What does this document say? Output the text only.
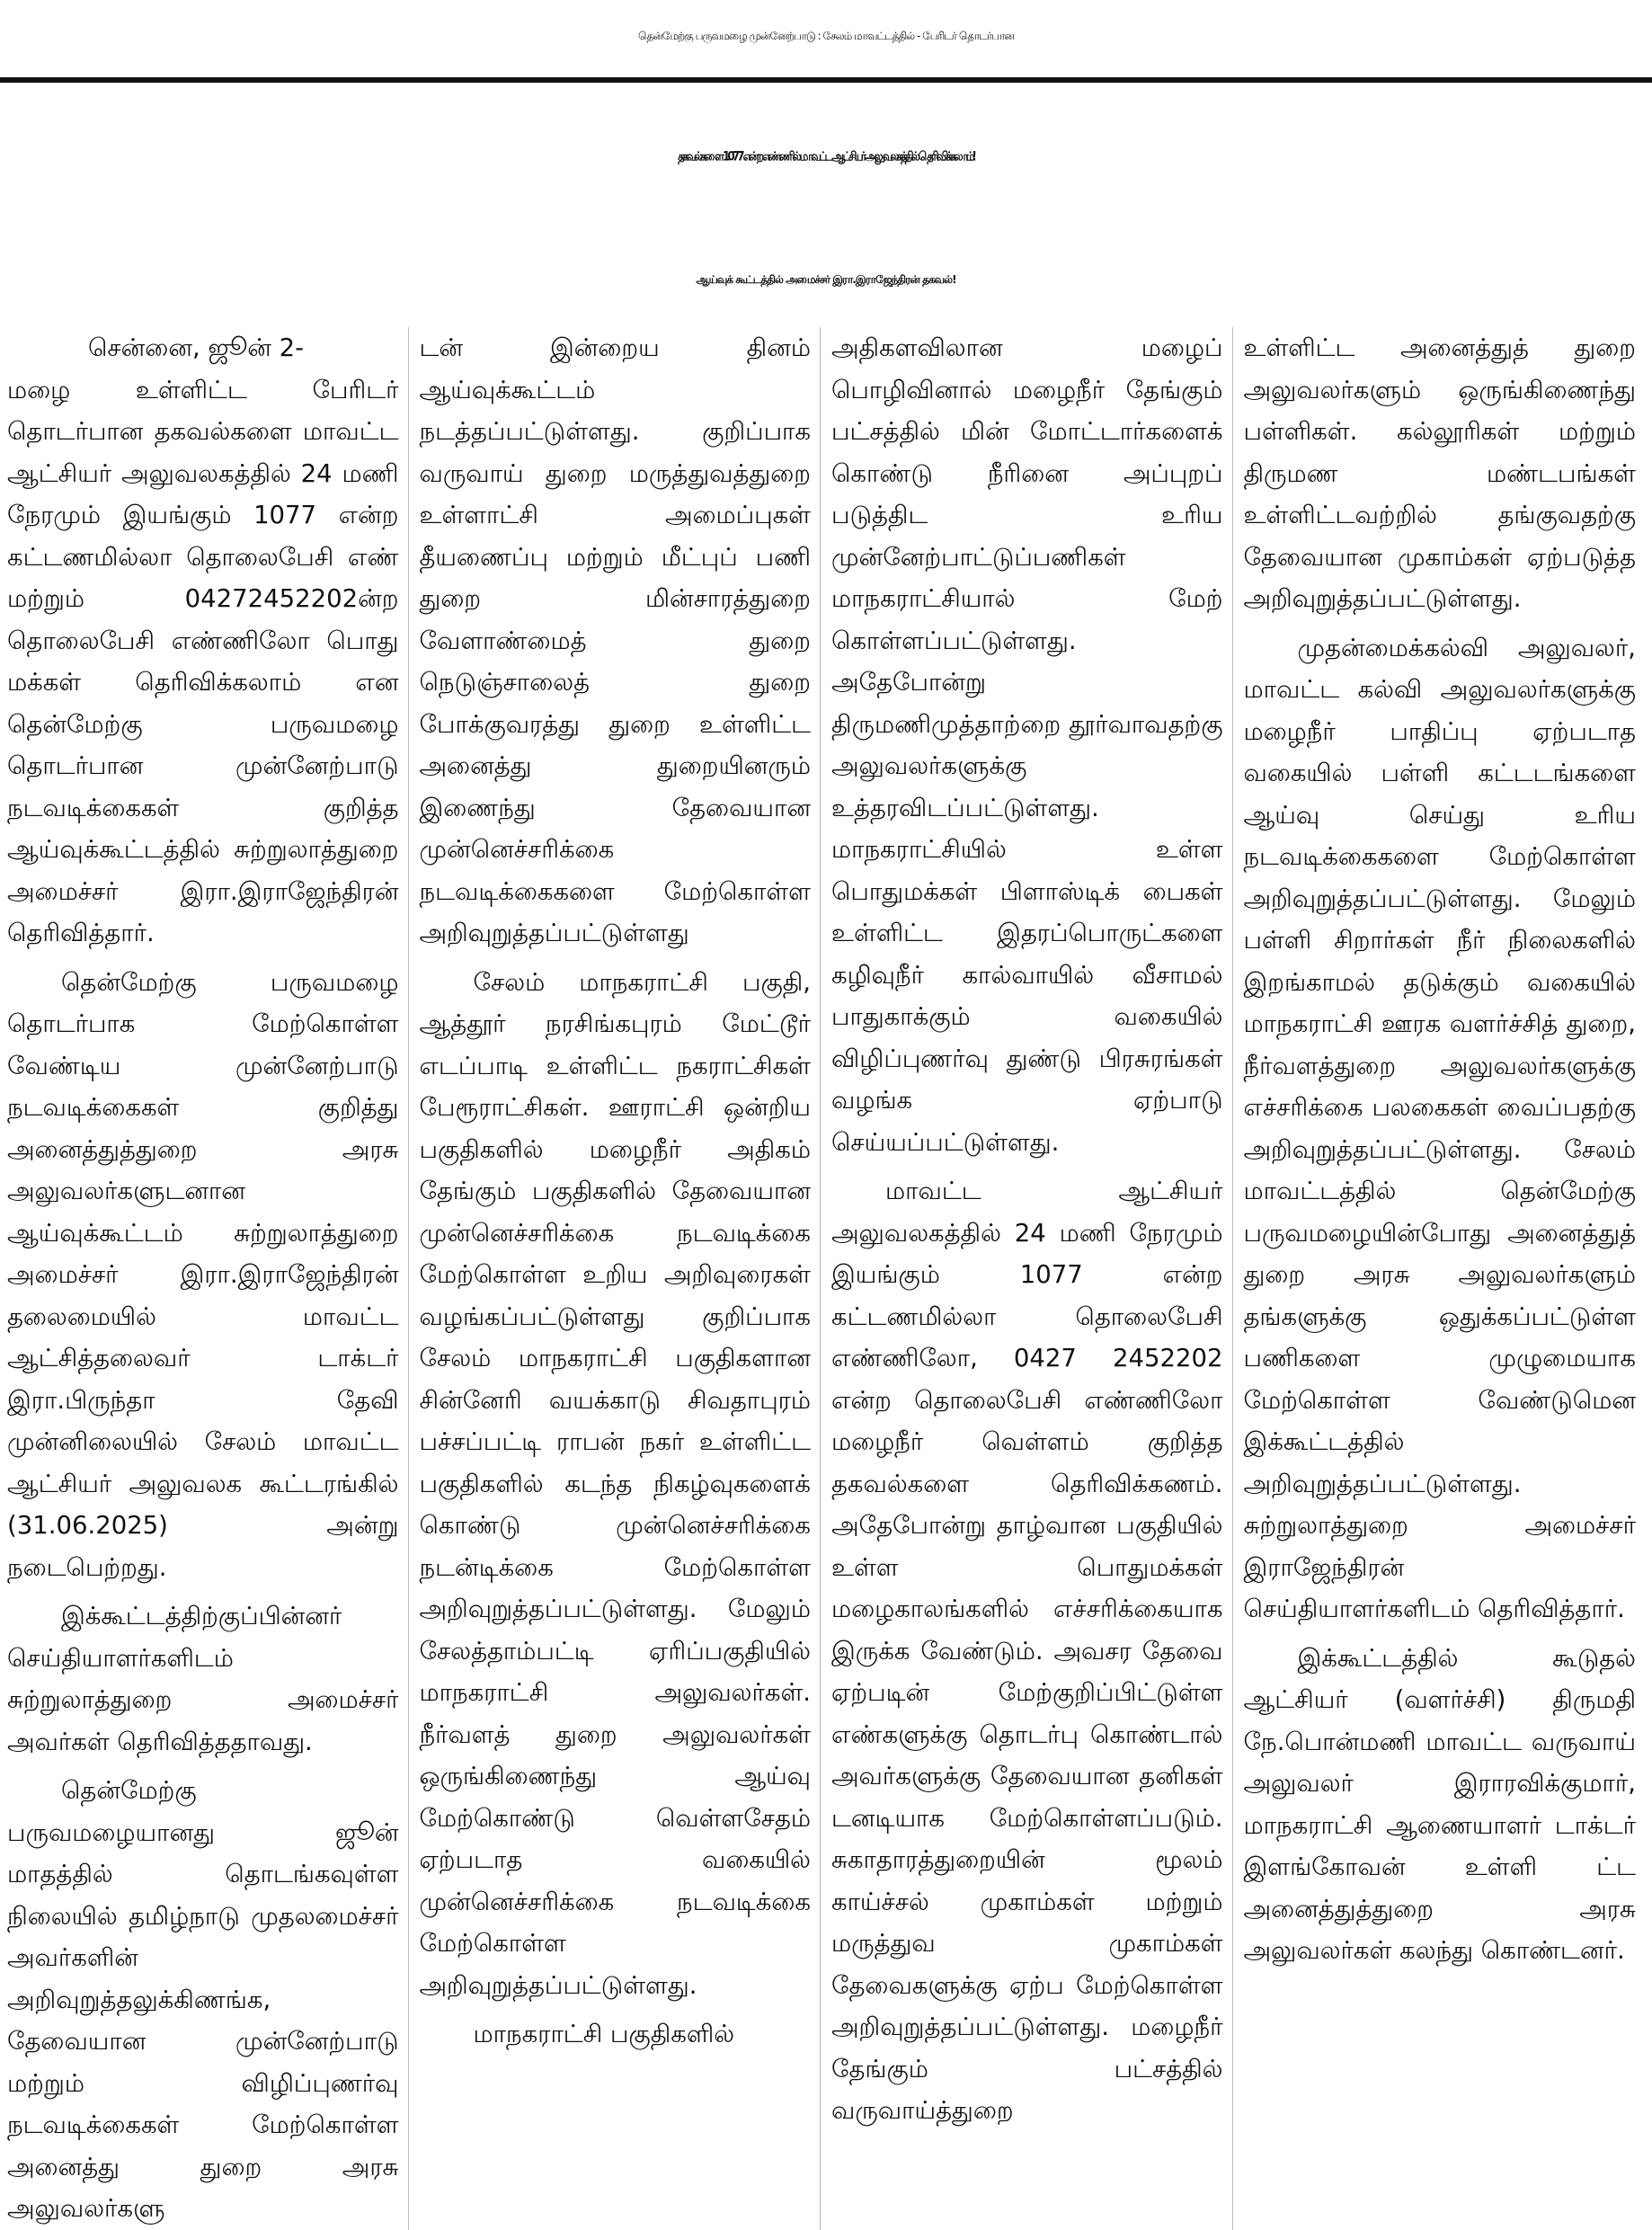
தென்மேற்கு பருவமழை முன்னேற்பாடு : சேலம் மாவட்டத்தில் - பேரிடர் தொடர்பான
தகவல்களை 1077 என்ற எண்ணில் மாவட்ட ஆட்சியர் அலுவலகத்தில் தெரிவிக்கலாம்!
ஆய்வுக் கூட்டத்தில் அமைச்சர் இரா.இராஜேந்திரன் தகவல்!

சென்னை, ஜூன் 2-

மழை உள்ளிட்ட பேரிடர் தொடர்பான தகவல்களை மாவட்ட ஆட்சியர் அலுவலகத்தில் 24 மணி நேரமும் இயங்கும் 1077 என்ற கட்டணமில்லா தொலைபேசி எண் மற்றும் 04272452202ன்ற தொலைபேசி எண்ணிலோ பொது மக்கள் தெரிவிக்கலாம் என தென்மேற்கு பருவமழை தொடர்பான முன்னேற்பாடு நடவடிக்கைகள் குறித்த ஆய்வுக்கூட்டத்தில் சுற்றுலாத்துறை அமைச்சர் இரா.இராஜேந்திரன் தெரிவித்தார்.

தென்மேற்கு பருவமழை தொடர்பாக மேற்கொள்ள வேண்டிய முன்னேற்பாடு நடவடிக்கைகள் குறித்து அனைத்துத்துறை அரசு அலுவலர்களுடனான ஆய்வுக்கூட்டம் சுற்றுலாத்துறை அமைச்சர் இரா.இராஜேந்திரன் தலைமையில் மாவட்ட ஆட்சித்தலைவர் டாக்டர் இரா.பிருந்தா தேவி முன்னிலையில் சேலம் மாவட்ட ஆட்சியர் அலுவலக கூட்டரங்கில் (31.06.2025) அன்று நடைபெற்றது.

இக்கூட்டத்திற்குப்பின்னர் செய்தியாளர்களிடம் சுற்றுலாத்துறை அமைச்சர் அவர்கள் தெரிவித்ததாவது.

தென்மேற்கு பருவமழையானது ஜூன் மாதத்தில் தொடங்கவுள்ள நிலையில் தமிழ்நாடு முதலமைச்சர் அவர்களின் அறிவுறுத்தலுக்கிணங்க, தேவையான முன்னேற்பாடு மற்றும் விழிப்புணர்வு நடவடிக்கைகள் மேற்கொள்ள அனைத்து துறை அரசு அலுவலர்களு

டன் இன்றைய தினம் ஆய்வுக்கூட்டம் நடத்தப்பட்டுள்ளது. குறிப்பாக வருவாய் துறை மருத்துவத்துறை உள்ளாட்சி அமைப்புகள் தீயணைப்பு மற்றும் மீட்புப் பணி துறை மின்சாரத்துறை வேளாண்மைத் துறை நெடுஞ்சாலைத் துறை போக்குவரத்து துறை உள்ளிட்ட அனைத்து துறையினரும் இணைந்து தேவையான முன்னெச்சரிக்கை நடவடிக்கைகளை மேற்கொள்ள அறிவுறுத்தப்பட்டுள்ளது

சேலம் மாநகராட்சி பகுதி, ஆத்தூர் நரசிங்கபுரம் மேட்டூர் எடப்பாடி உள்ளிட்ட நகராட்சிகள் பேரூராட்சிகள். ஊராட்சி ஒன்றிய பகுதிகளில் மழைநீர் அதிகம் தேங்கும் பகுதிகளில் தேவையான முன்னெச்சரிக்கை நடவடிக்கை மேற்கொள்ள உறிய அறிவுரைகள் வழங்கப்பட்டுள்ளது குறிப்பாக சேலம் மாநகராட்சி பகுதிகளான சின்னேரி வயக்காடு சிவதாபுரம் பச்சப்பட்டி ராபன் நகர் உள்ளிட்ட பகுதிகளில் கடந்த நிகழ்வுகளைக் கொண்டு முன்னெச்சரிக்கை நடன்டிக்கை மேற்கொள்ள அறிவுறுத்தப்பட்டுள்ளது. மேலும் சேலத்தாம்பட்டி ஏரிப்பகுதியில் மாநகராட்சி அலுவலர்கள். நீர்வளத் துறை அலுவலர்கள் ஒருங்கிணைந்து ஆய்வு மேற்கொண்டு வெள்ளசேதம் ஏற்படாத வகையில் முன்னெச்சரிக்கை நடவடிக்கை மேற்கொள்ள அறிவுறுத்தப்பட்டுள்ளது.

மாநகராட்சி பகுதிகளில்

அதிகளவிலான மழைப் பொழிவினால் மழைநீர் தேங்கும் பட்சத்தில் மின் மோட்டார்களைக் கொண்டு நீரினை அப்புறப் படுத்திட உரிய முன்னேற்பாட்டுப்பணிகள் மாநகராட்சியால் மேற் கொள்ளப்பட்டுள்ளது. அதேபோன்று திருமணிமுத்தாற்றை தூர்வாவதற்கு அலுவலர்களுக்கு உத்தரவிடப்பட்டுள்ளது. மாநகராட்சியில் உள்ள பொதுமக்கள் பிளாஸ்டிக் பைகள் உள்ளிட்ட இதரப்பொருட்களை கழிவுநீர் கால்வாயில் வீசாமல் பாதுகாக்கும் வகையில் விழிப்புணர்வு துண்டு பிரசுரங்கள் வழங்க ஏற்பாடு செய்யப்பட்டுள்ளது.

மாவட்ட ஆட்சியர் அலுவலகத்தில் 24 மணி நேரமும் இயங்கும் 1077 என்ற கட்டணமில்லா தொலைபேசி எண்ணிலோ, 0427 2452202 என்ற தொலைபேசி எண்ணிலோ மழைநீர் வெள்ளம் குறித்த தகவல்களை தெரிவிக்கணம். அதேபோன்று தாழ்வான பகுதியில் உள்ள பொதுமக்கள் மழைகாலங்களில் எச்சரிக்கையாக இருக்க வேண்டும். அவசர தேவை ஏற்படின் மேற்குறிப்பிட்டுள்ள எண்களுக்கு தொடர்பு கொண்டால் அவர்களுக்கு தேவையான தனிகள் டனடியாக மேற்கொள்ளப்படும். சுகாதாரத்துறையின் மூலம் காய்ச்சல் முகாம்கள் மற்றும் மருத்துவ முகாம்கள் தேவைகளுக்கு ஏற்ப மேற்கொள்ள அறிவுறுத்தப்பட்டுள்ளது. மழைநீர் தேங்கும் பட்சத்தில் வருவாய்த்துறை

உள்ளிட்ட அனைத்துத் துறை அலுவலர்களும் ஒருங்கிணைந்து பள்ளிகள். கல்லூரிகள் மற்றும் திருமண மண்டபங்கள் உள்ளிட்டவற்றில் தங்குவதற்கு தேவையான முகாம்கள் ஏற்படுத்த அறிவுறுத்தப்பட்டுள்ளது.

முதன்மைக்கல்வி அலுவலர், மாவட்ட கல்வி அலுவலர்களுக்கு மழைநீர் பாதிப்பு ஏற்படாத வகையில் பள்ளி கட்டடங்களை ஆய்வு செய்து உரிய நடவடிக்கைகளை மேற்கொள்ள அறிவுறுத்தப்பட்டுள்ளது. மேலும் பள்ளி சிறார்கள் நீர் நிலைகளில் இறங்காமல் தடுக்கும் வகையில் மாநகராட்சி ஊரக வளர்ச்சித் துறை, நீர்வளத்துறை அலுவலர்களுக்கு எச்சரிக்கை பலகைகள் வைப்பதற்கு அறிவுறுத்தப்பட்டுள்ளது. சேலம் மாவட்டத்தில் தென்மேற்கு பருவமழையின்போது அனைத்துத் துறை அரசு அலுவலர்களும் தங்களுக்கு ஒதுக்கப்பட்டுள்ள பணிகளை முழுமையாக மேற்கொள்ள வேண்டுமென இக்கூட்டத்தில் அறிவுறுத்தப்பட்டுள்ளது. சுற்றுலாத்துறை அமைச்சர் இராஜேந்திரன் செய்தியாளர்களிடம் தெரிவித்தார்.

இக்கூட்டத்தில் கூடுதல் ஆட்சியர் (வளர்ச்சி) திருமதி நே.பொன்மணி மாவட்ட வருவாய் அலுவலர் இராரவிக்குமார், மாநகராட்சி ஆணையாளர் டாக்டர் இளங்கோவன் உள்ளி ட்ட அனைத்துத்துறை அரசு அலுவலர்கள் கலந்து கொண்டனர்.
